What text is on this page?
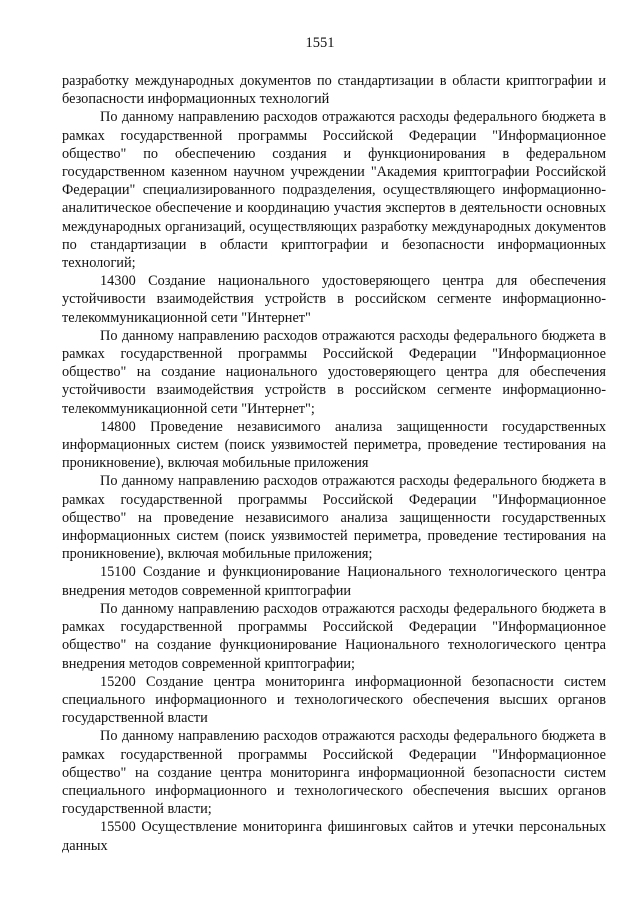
1551

разработку международных документов по стандартизации в области криптографии и безопасности информационных технологий

По данному направлению расходов отражаются расходы федерального бюджета в рамках государственной программы Российской Федерации "Информационное общество" по обеспечению создания и функционирования в федеральном государственном казенном научном учреждении "Академия криптографии Российской Федерации" специализированного подразделения, осуществляющего информационно-аналитическое обеспечение и координацию участия экспертов в деятельности основных международных организаций, осуществляющих разработку международных документов по стандартизации в области криптографии и безопасности информационных технологий;

14300 Создание национального удостоверяющего центра для обеспечения устойчивости взаимодействия устройств в российском сегменте информационно-телекоммуникационной сети "Интернет"

По данному направлению расходов отражаются расходы федерального бюджета в рамках государственной программы Российской Федерации "Информационное общество" на создание национального удостоверяющего центра для обеспечения устойчивости взаимодействия устройств в российском сегменте информационно-телекоммуникационной сети "Интернет";

14800 Проведение независимого анализа защищенности государственных информационных систем (поиск уязвимостей периметра, проведение тестирования на проникновение), включая мобильные приложения

По данному направлению расходов отражаются расходы федерального бюджета в рамках государственной программы Российской Федерации "Информационное общество" на проведение независимого анализа защищенности государственных информационных систем (поиск уязвимостей периметра, проведение тестирования на проникновение), включая мобильные приложения;

15100 Создание и функционирование Национального технологического центра внедрения методов современной криптографии

По данному направлению расходов отражаются расходы федерального бюджета в рамках государственной программы Российской Федерации "Информационное общество" на создание функционирование Национального технологического центра внедрения методов современной криптографии;

15200 Создание центра мониторинга информационной безопасности систем специального информационного и технологического обеспечения высших органов государственной власти

По данному направлению расходов отражаются расходы федерального бюджета в рамках государственной программы Российской Федерации "Информационное общество" на создание центра мониторинга информационной безопасности систем специального информационного и технологического обеспечения высших органов государственной власти;

15500 Осуществление мониторинга фишинговых сайтов и утечки персональных данных
